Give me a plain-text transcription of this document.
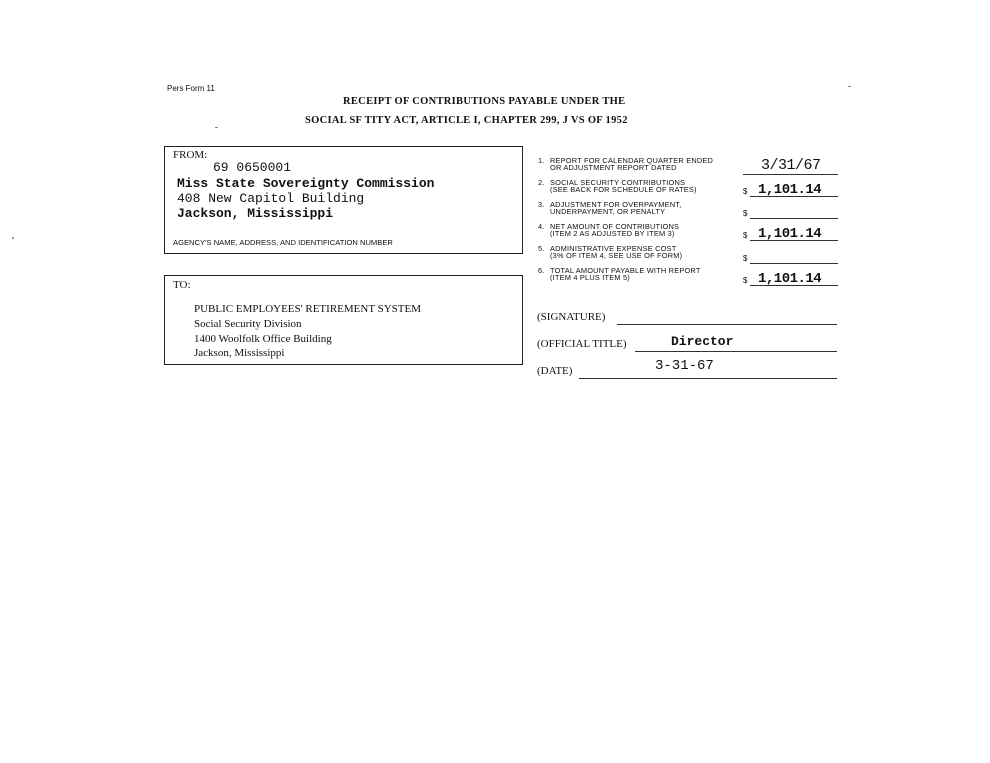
Pers Form 11
RECEIPT OF CONTRIBUTIONS PAYABLE UNDER THE
SOCIAL SF TITY ACT, ARTICLE I, CHAPTER 299, J VS OF 1952
FROM:
69 0650001
Miss State Sovereignty Commission
408 New Capitol Building
Jackson, Mississippi
AGENCY'S NAME, ADDRESS, AND IDENTIFICATION NUMBER
TO:
PUBLIC EMPLOYEES' RETIREMENT SYSTEM
Social Security Division
1400 Woolfolk Office Building
Jackson, Mississippi
1. REPORT FOR CALENDAR QUARTER ENDED
OR ADJUSTMENT REPORT DATED	3/31/67
2. SOCIAL SECURITY CONTRIBUTIONS
(SEE BACK FOR SCHEDULE OF RATES)	$ 1,101.14
3. ADJUSTMENT FOR OVERPAYMENT,
UNDERPAYMENT, OR PENALTY	$
4. NET AMOUNT OF CONTRIBUTIONS
(ITEM 2 AS ADJUSTED BY ITEM 3)	$ 1,101.14
5. ADMINISTRATIVE EXPENSE COST
(3% OF ITEM 4, SEE USE OF FORM)	$
6. TOTAL AMOUNT PAYABLE WITH REPORT
(ITEM 4 PLUS ITEM 5)	$ 1,101.14
(SIGNATURE)
(OFFICIAL TITLE)	Director
(DATE)	3-31-67
